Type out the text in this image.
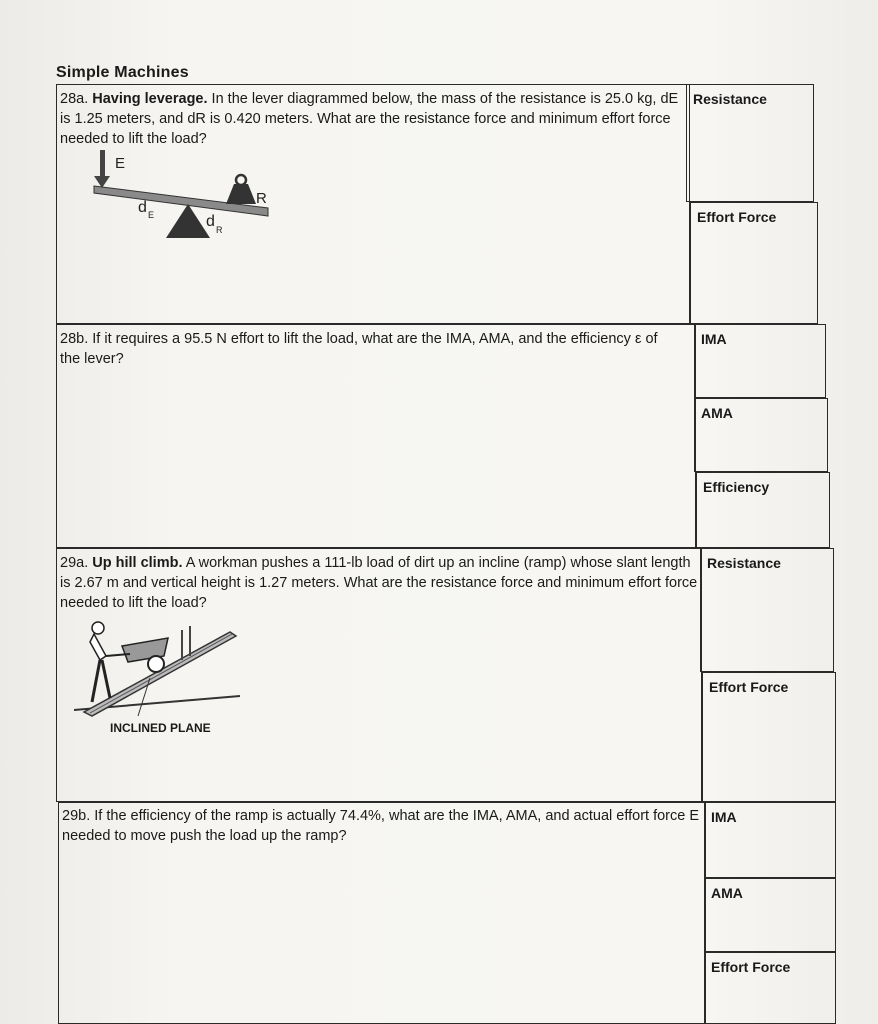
Simple Machines
28a. Having leverage. In the lever diagrammed below, the mass of the resistance is 25.0 kg, dE is 1.25 meters, and dR is 0.420 meters. What are the resistance force and minimum effort force needed to lift the load?
E
R
d E	d R
Resistance
Effort Force
28b. If it requires a 95.5 N effort to lift the load, what are the IMA, AMA, and the efficiency ε of the lever?
IMA
AMA
Efficiency
29a. Up hill climb. A workman pushes a 111-lb load of dirt up an incline (ramp) whose slant length is 2.67 m and vertical height is 1.27 meters. What are the resistance force and minimum effort force needed to lift the load?
INCLINED PLANE
Resistance
Effort Force
29b. If the efficiency of the ramp is actually 74.4%, what are the IMA, AMA, and actual effort force E needed to move push the load up the ramp?
IMA
AMA
Effort Force
